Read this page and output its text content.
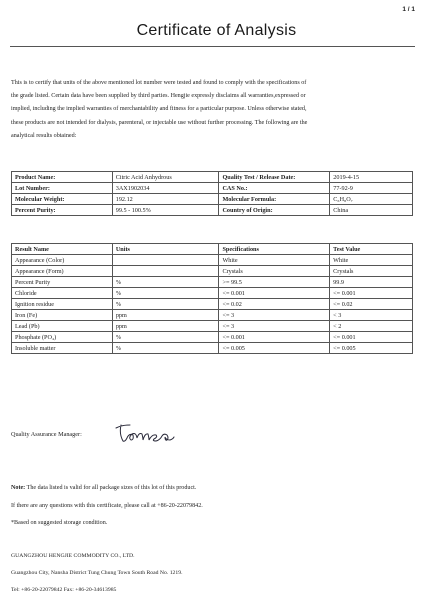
1 / 1
Certificate of Analysis
This is to certify that units of the above mentioned lot number were tested and found to comply with the specifications of
the grade listed. Certain data have been supplied by third parties. Hengjie expressly disclaims all warranties,expressed or
implied, including the implied warranties of merchantability and fitness for a particular purpose. Unless otherwise stated,
these products are not intended for dialysis, parenteral, or injectable use without further processing. The following are the
analytical results obtained:
Product Name:	Citric Acid Anhydrous	Quality Test / Release Date:	2019-4-15
Lot Number:	3AX1902034	CAS No.:	77-92-9
Molecular Weight:	192.12	Molecular Formula:	C₆H₈O₇
Percent Purity:	99.5 - 100.5%	Country of Origin:	China
Result Name	Units	Specifications	Test Value
Appearance (Color)		White	White
Appearance (Form)		Crystals	Crystals
Percent Purity	%	>= 99.5	99.9
Chloride	%	<= 0.001	<= 0.001
Ignition residue	%	<= 0.02	<= 0.02
Iron (Fe)	ppm	<= 3	< 3
Lead (Pb)	ppm	<= 3	< 2
Phosphate (PO₄)	%	<= 0.001	<= 0.001
Insoluble matter	%	<= 0.005	<= 0.005
Quality Assurance Manager:
Note: The data listed is valid for all package sizes of this lot of this product.
If there are any questions with this certificate, please call at +86-20-22079842.
*Based on suggested storage condition.
GUANGZHOU HENGJIE COMMODITY CO., LTD.
Guangzhou City, Nansha District Tung Chung Town South Road No. 1219.
Tel: +86-20-22079842 Fax: +86-20-34613985
